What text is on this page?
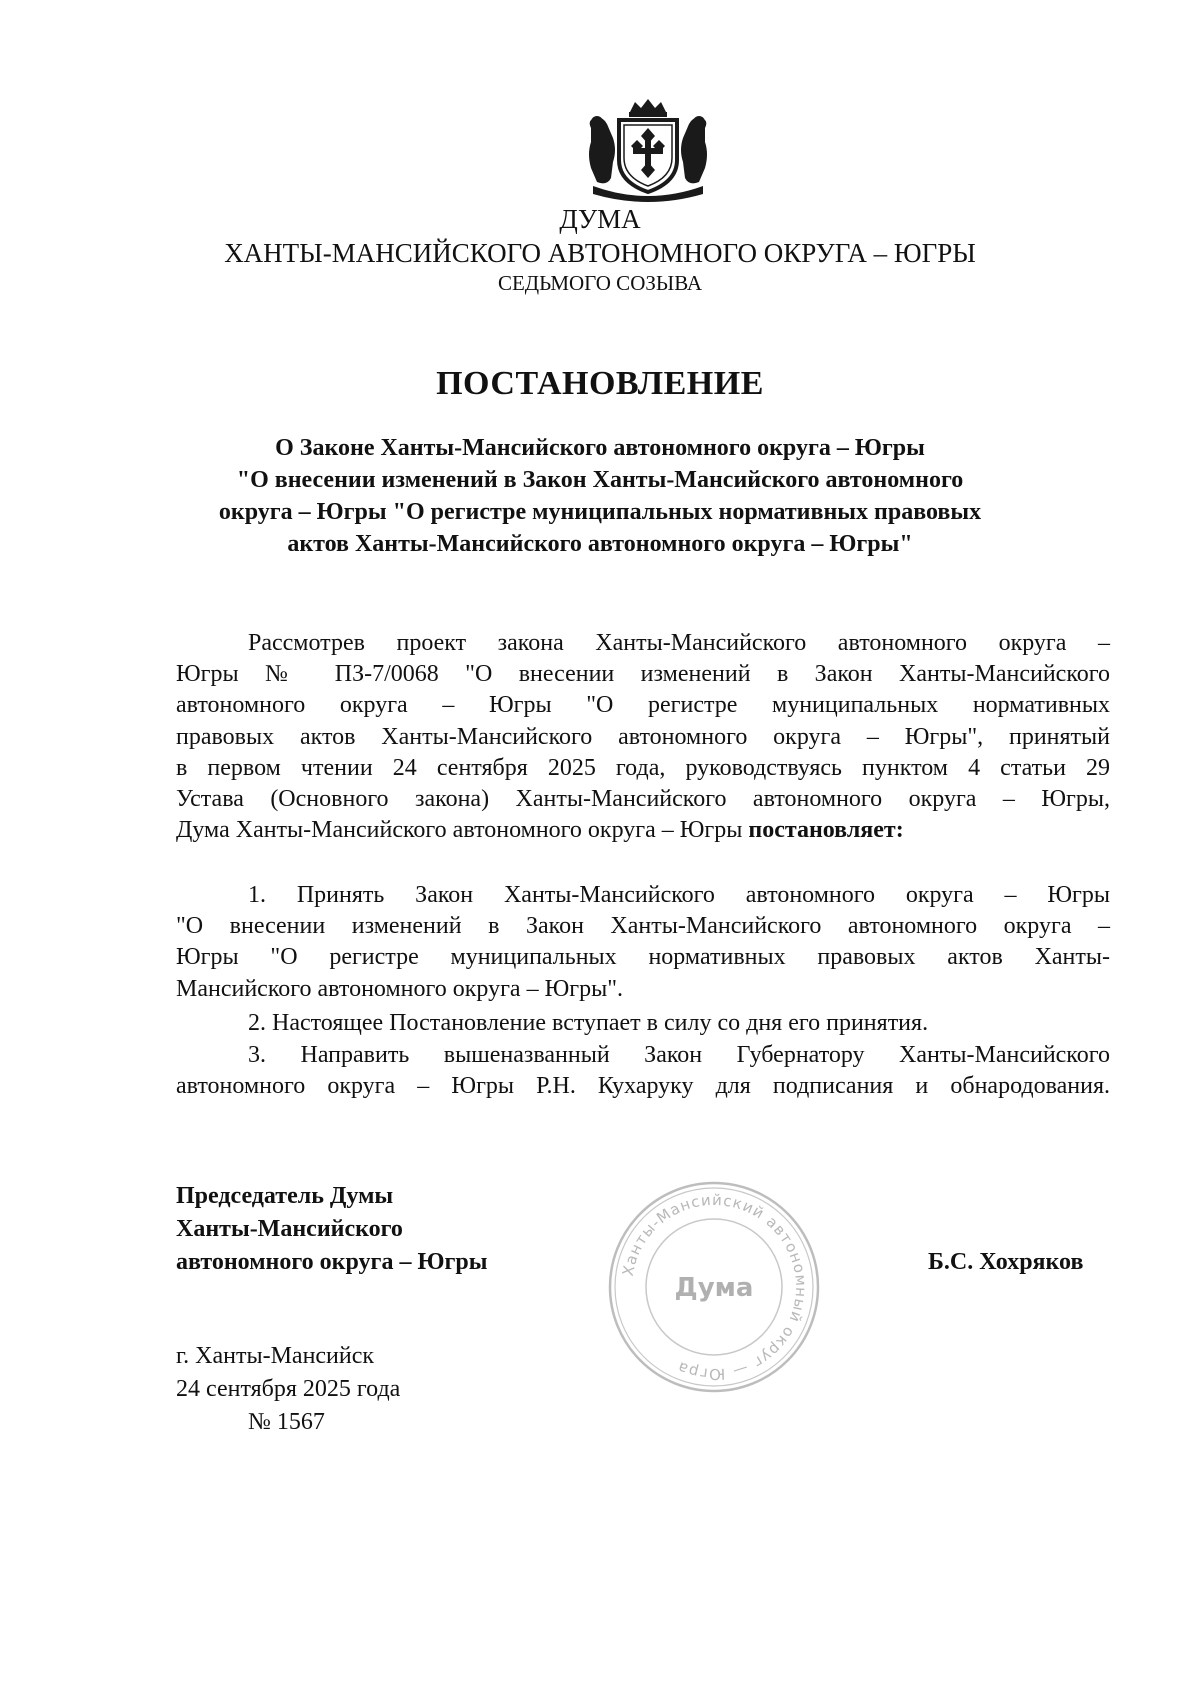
ДУМА
ХАНТЫ-МАНСИЙСКОГО АВТОНОМНОГО ОКРУГА – ЮГРЫ
СЕДЬМОГО СОЗЫВА
ПОСТАНОВЛЕНИЕ
О Законе Ханты-Мансийского автономного округа – Югры
"О внесении изменений в Закон Ханты-Мансийского автономного
округа – Югры "О регистре муниципальных нормативных правовых
актов Ханты-Мансийского автономного округа – Югры"
Рассмотрев проект закона Ханты-Мансийского автономного округа –
Югры № ПЗ-7/0068 "О внесении изменений в Закон Ханты-Мансийского
автономного округа – Югры "О регистре муниципальных нормативных
правовых актов Ханты-Мансийского автономного округа – Югры", принятый
в первом чтении 24 сентября 2025 года, руководствуясь пунктом 4 статьи 29
Устава (Основного закона) Ханты-Мансийского автономного округа – Югры,
Дума Ханты-Мансийского автономного округа – Югры постановляет:
1. Принять Закон Ханты-Мансийского автономного округа – Югры
"О внесении изменений в Закон Ханты-Мансийского автономного округа –
Югры "О регистре муниципальных нормативных правовых актов Ханты-
Мансийского автономного округа – Югры".
2. Настоящее Постановление вступает в силу со дня его принятия.
3. Направить вышеназванный Закон Губернатору Ханты-Мансийского
автономного округа – Югры Р.Н. Кухаруку для подписания и обнародования.
Председатель Думы
Ханты-Мансийского
автономного округа – Югры	Ханты-Мансийский автономный округ — Югра
Дума
Б.С. Хохряков
г. Ханты-Мансийск
24 сентября 2025 года
№ 1567
